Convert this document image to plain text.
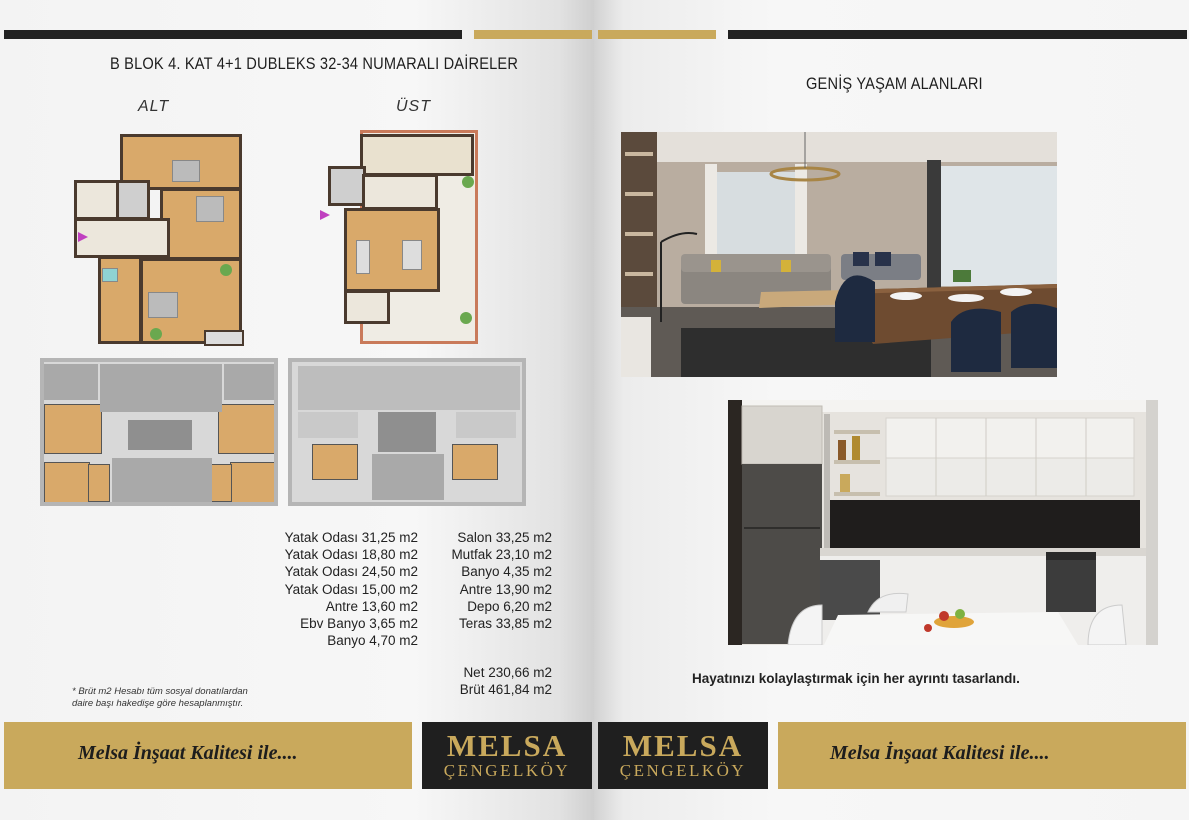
B BLOK 4. KAT 4+1 DUBLEKS 32-34 NUMARALI DAİRELER
ALT	ÜST
Yatak Odası 31,25 m2
Yatak Odası 18,80 m2
Yatak Odası 24,50 m2
Yatak Odası 15,00 m2
Antre 13,60 m2
Ebv Banyo 3,65 m2
Banyo 4,70 m2
Salon 33,25 m2
Mutfak 23,10 m2
Banyo 4,35 m2
Antre 13,90 m2
Depo 6,20 m2
Teras 33,85 m2
Net 230,66 m2
Brüt 461,84 m2
* Brüt m2 Hesabı tüm sosyal donatılardan
daire başı hakedişe göre hesaplanmıştır.
Melsa İnşaat Kalitesi ile....	MELSA
ÇENGELKÖY
GENİŞ YAŞAM ALANLARI
Hayatınızı kolaylaştırmak için her ayrıntı tasarlandı.
MELSA
ÇENGELKÖY
Melsa İnşaat Kalitesi ile....
